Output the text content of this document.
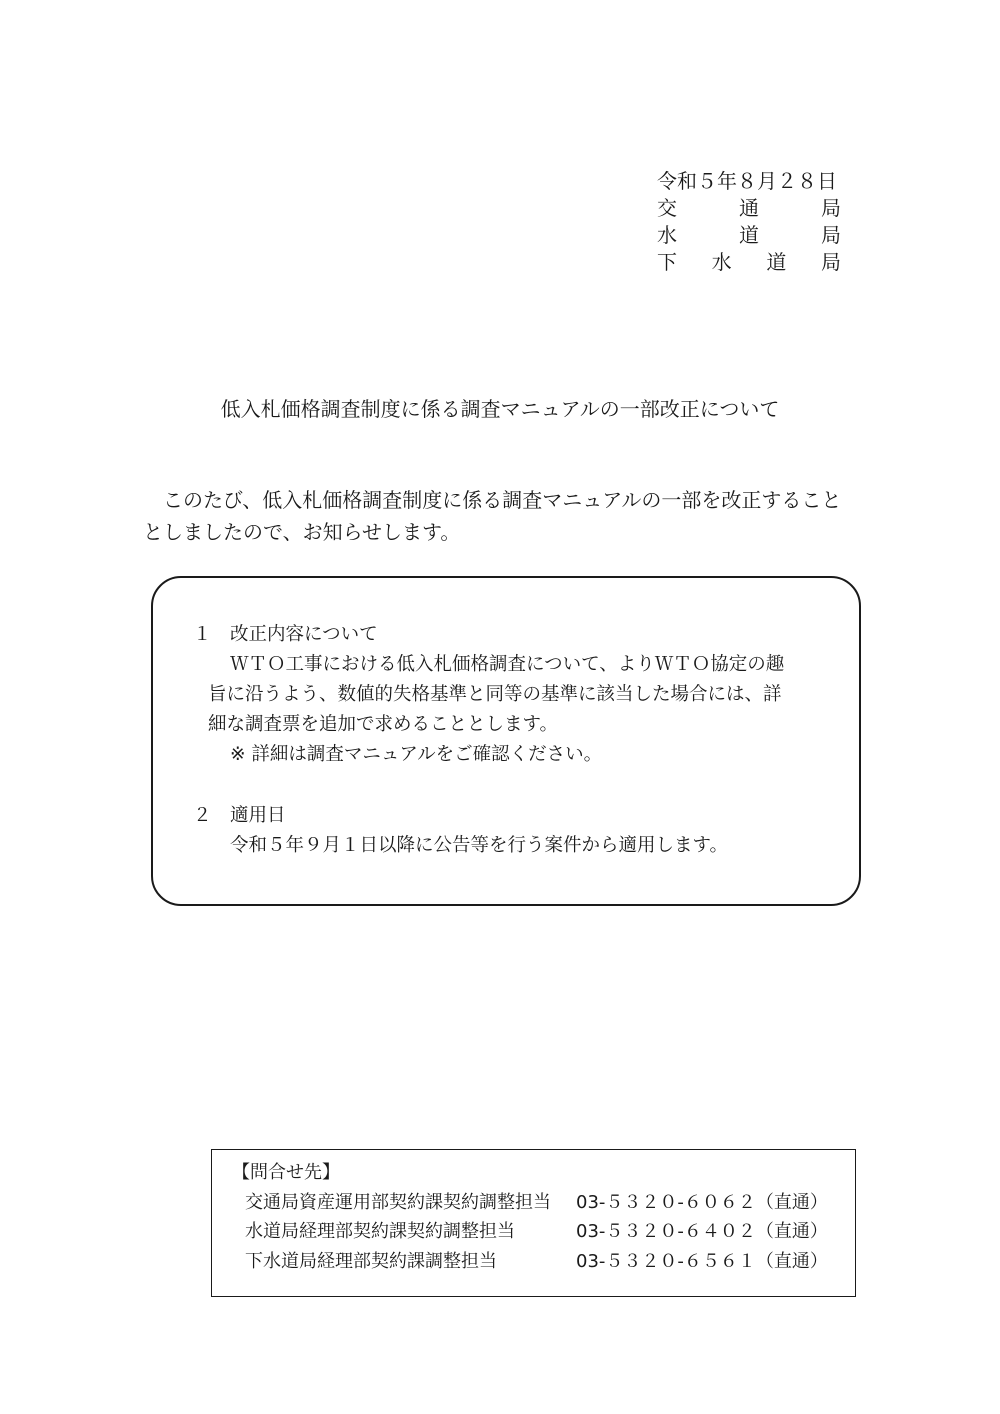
令和５年８月２８日
交	通	局
水	道	局
下 水 道 局
低入札価格調査制度に係る調査マニュアルの一部改正について
　このたび、低入札価格調査制度に係る調査マニュアルの一部を改正すること
としましたので、お知らせします。
１ 改正内容について
ＷＴＯ工事における低入札価格調査について、よりＷＴＯ協定の趣
旨に沿うよう、数値的失格基準と同等の基準に該当した場合には、詳
細な調査票を追加で求めることとします。
※ 詳細は調査マニュアルをご確認ください。
２ 適用日
令和５年９月１日以降に公告等を行う案件から適用します。
【問合せ先】
交通局資産運用部契約課契約調整担当 03-５３２０-６０６２（直通）
水道局経理部契約課契約調整担当	03-５３２０-６４０２（直通）
下水道局経理部契約課調整担当	03-５３２０-６５６１（直通）
